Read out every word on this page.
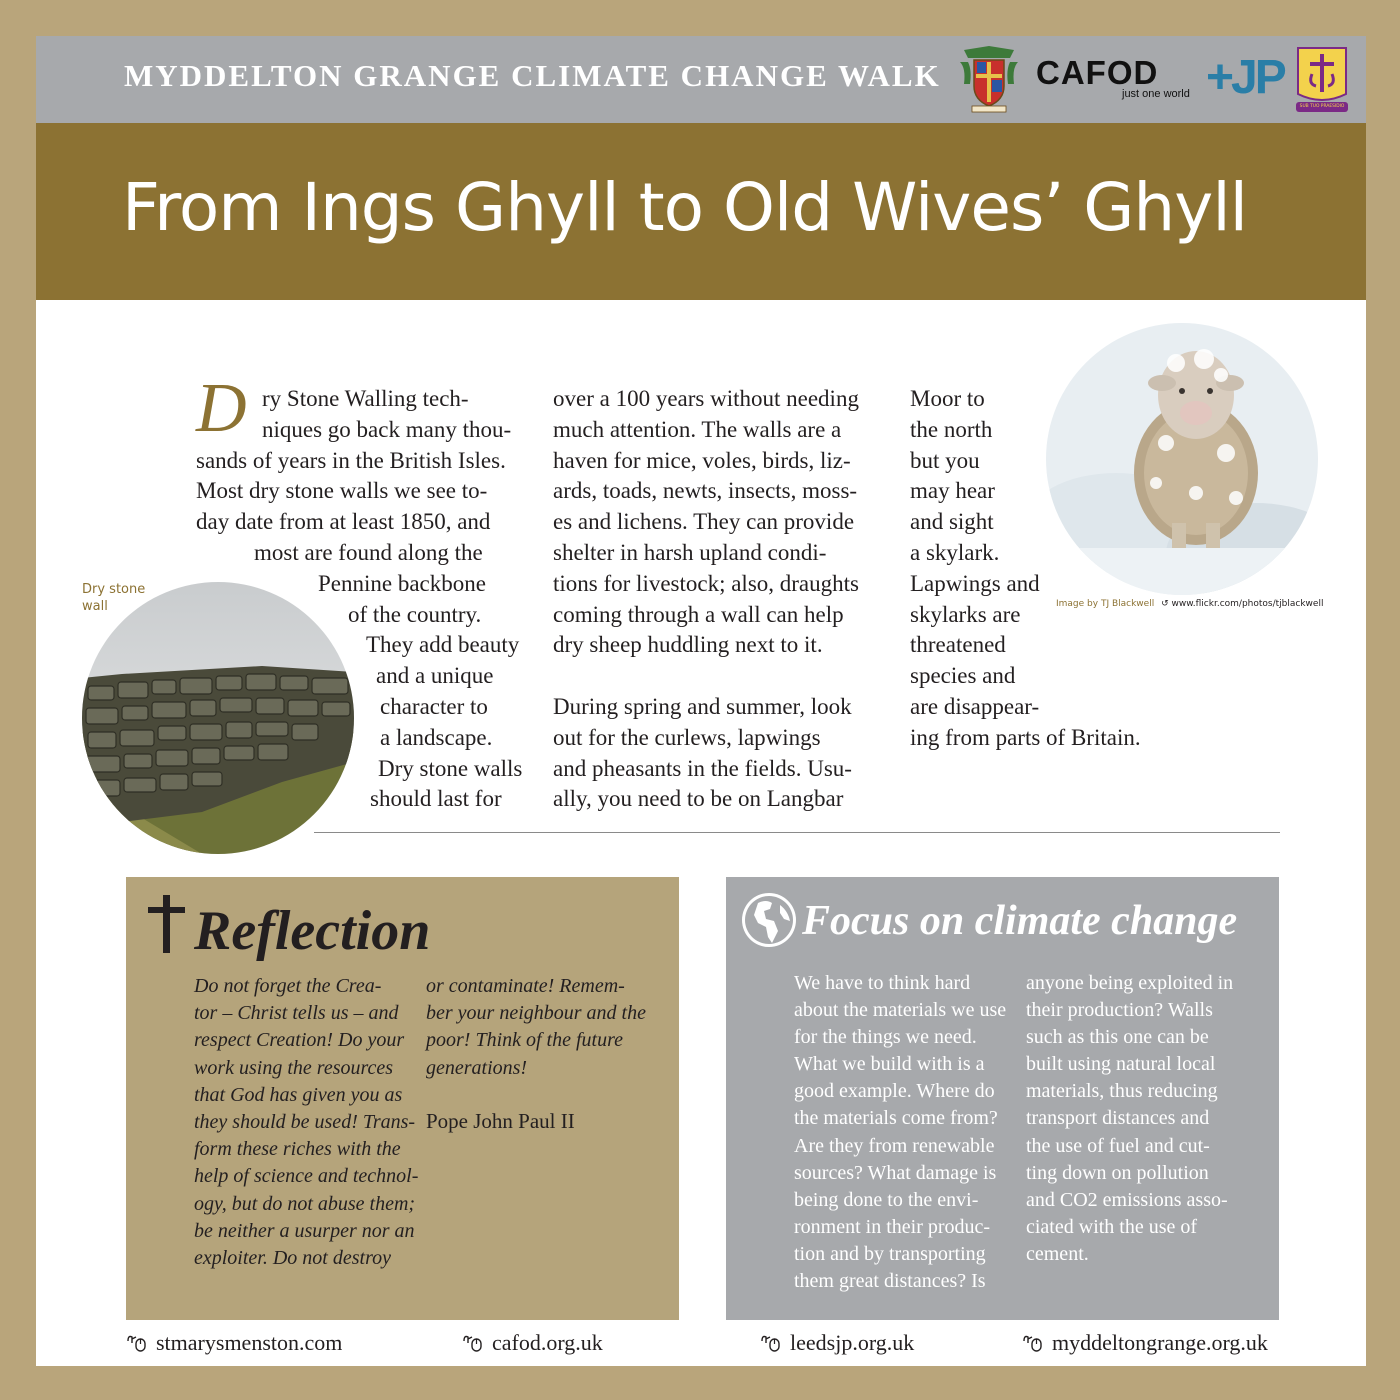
MYDDELTON GRANGE CLIMATE CHANGE WALK	CAFOD
just one world +JP
SUB TUO PRAESIDIO
From Ings Ghyll to Old Wives’ Ghyll
D ry Stone Walling tech-
niques go back many thou-
sands of years in the British Isles.
Most dry stone walls we see to-
day date from at least 1850, and
most are found along the
Pennine backbone
of the country.
They add beauty
and a unique
character to
a landscape.
Dry stone walls
should last for
over a 100 years without needing
much attention. The walls are a
haven for mice, voles, birds, liz-
ards, toads, newts, insects, moss-
es and lichens. They can provide
shelter in harsh upland condi-
tions for livestock; also, draughts
coming through a wall can help
dry sheep huddling next to it.
During spring and summer, look
out for the curlews, lapwings
and pheasants in the fields. Usu-
ally, you need to be on Langbar
Moor to
the north
but you
may hear
and sight
a skylark.
Lapwings and
skylarks are
threatened
species and
are disappear-
ing from parts of Britain.
Dry stone wall	Image by TJ Blackwell ↺ www.flickr.com/photos/tjblackwell
Reflection
Do not forget the Crea-
tor – Christ tells us – and
respect Creation! Do your
work using the resources
that God has given you as
they should be used! Trans-
form these riches with the
help of science and technol-
ogy, but do not abuse them;
be neither a usurper nor an
exploiter. Do not destroy
or contaminate! Remem-
ber your neighbour and the
poor! Think of the future
generations!
Pope John Paul II
Focus on climate change
We have to think hard
about the materials we use
for the things we need.
What we build with is a
good example. Where do
the materials come from?
Are they from renewable
sources? What damage is
being done to the envi-
ronment in their produc-
tion and by transporting
them great distances? Is
anyone being exploited in
their production? Walls
such as this one can be
built using natural local
materials, thus reducing
transport distances and
the use of fuel and cut-
ting down on pollution
and CO2 emissions asso-
ciated with the use of
cement.
stmarysmenston.com	cafod.org.uk	leedsjp.org.uk	myddeltongrange.org.uk
